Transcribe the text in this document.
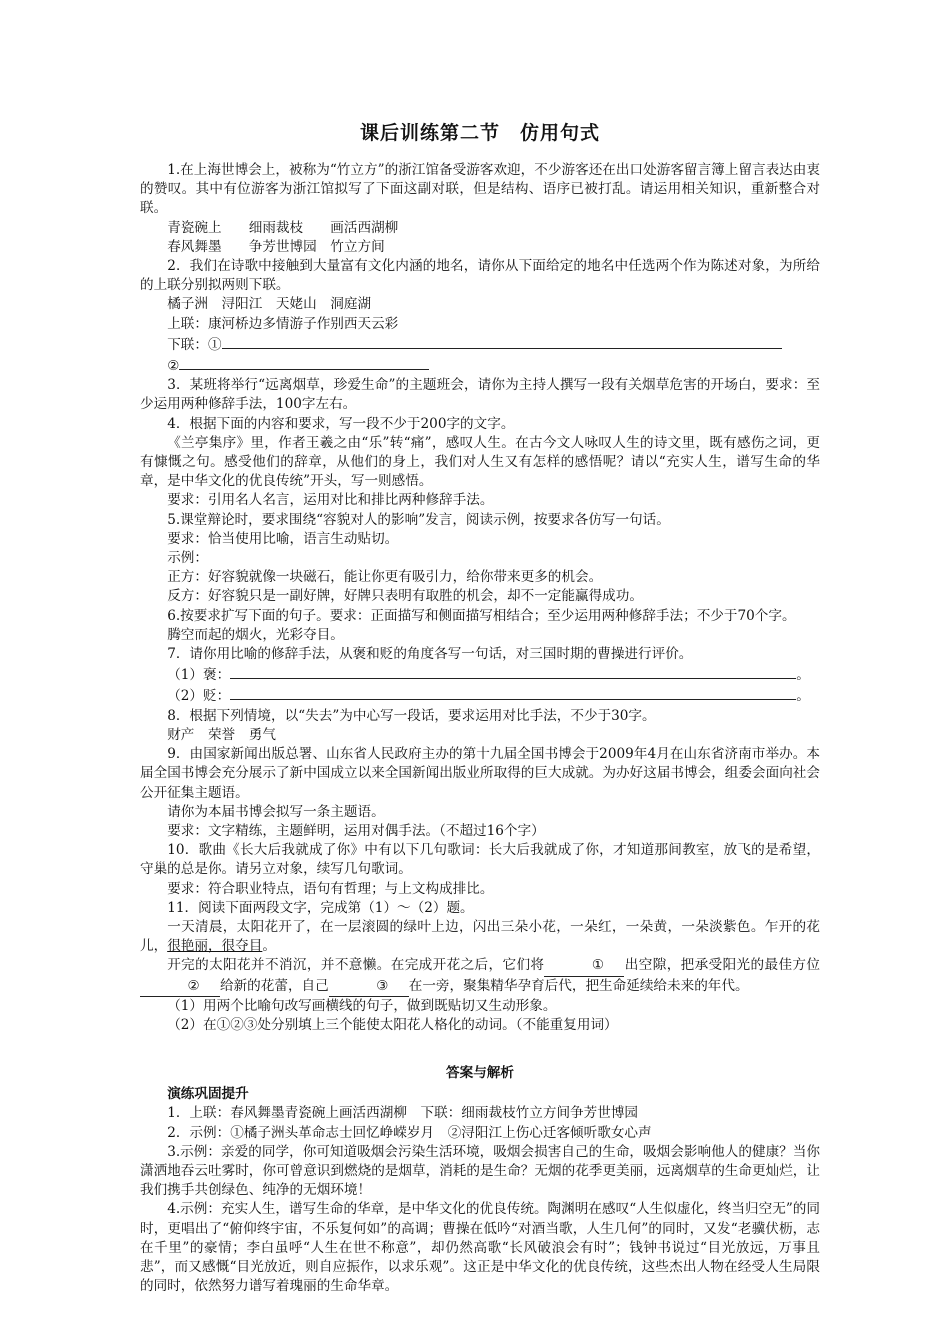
课后训练第二节　仿用句式

1.在上海世博会上，被称为“竹立方”的浙江馆备受游客欢迎，不少游客还在出口处游客留言簿上留言表达由衷的赞叹。其中有位游客为浙江馆拟写了下面这副对联，但是结构、语序已被打乱。请运用相关知识，重新整合对联。

青瓷碗上　　细雨裁枝　　画活西湖柳

春风舞墨　　争芳世博园　竹立方间

2．我们在诗歌中接触到大量富有文化内涵的地名，请你从下面给定的地名中任选两个作为陈述对象，为所给的上联分别拟两则下联。

橘子洲　浔阳江　天姥山　洞庭湖

上联：康河桥边多情游子作别西天云彩

下联：①

②

3．某班将举行“远离烟草，珍爱生命”的主题班会，请你为主持人撰写一段有关烟草危害的开场白，要求：至少运用两种修辞手法，100字左右。

4．根据下面的内容和要求，写一段不少于200字的文字。

《兰亭集序》里，作者王羲之由“乐”转“痛”，感叹人生。在古今文人咏叹人生的诗文里，既有感伤之词，更有慷慨之句。感受他们的辞章，从他们的身上，我们对人生又有怎样的感悟呢？请以“充实人生，谱写生命的华章，是中华文化的优良传统”开头，写一则感悟。

要求：引用名人名言，运用对比和排比两种修辞手法。

5.课堂辩论时，要求围绕“容貌对人的影响”发言，阅读示例，按要求各仿写一句话。

要求：恰当使用比喻，语言生动贴切。

示例：

正方：好容貌就像一块磁石，能让你更有吸引力，给你带来更多的机会。

反方：好容貌只是一副好牌，好牌只表明有取胜的机会，却不一定能赢得成功。

6.按要求扩写下面的句子。要求：正面描写和侧面描写相结合；至少运用两种修辞手法；不少于70个字。

腾空而起的烟火，光彩夺目。

7．请你用比喻的修辞手法，从褒和贬的角度各写一句话，对三国时期的曹操进行评价。

（1）褒：	。

（2）贬：	。

8．根据下列情境，以“失去”为中心写一段话，要求运用对比手法，不少于30字。

财产　荣誉　勇气

9．由国家新闻出版总署、山东省人民政府主办的第十九届全国书博会于2009年4月在山东省济南市举办。本届全国书博会充分展示了新中国成立以来全国新闻出版业所取得的巨大成就。为办好这届书博会，组委会面向社会公开征集主题语。

请你为本届书博会拟写一条主题语。

要求：文字精练，主题鲜明，运用对偶手法。（不超过16个字）

10．歌曲《长大后我就成了你》中有以下几句歌词：长大后我就成了你，才知道那间教室，放飞的是希望，守巢的总是你。请另立对象，续写几句歌词。

要求：符合职业特点，语句有哲理；与上文构成排比。

11．阅读下面两段文字，完成第（1）～（2）题。

一天清晨，太阳花开了，在一层滚圆的绿叶上边，闪出三朵小花，一朵红，一朵黄，一朵淡紫色。乍开的花儿，很艳丽，很夺目。

开完的太阳花并不消沉，并不意懒。在完成开花之后，它们将	① 出空隙，把承受阳光的最佳方位② 给新的花蕾，自己	③ 在一旁，聚集精华孕育后代，把生命延续给未来的年代。

（1）用两个比喻句改写画横线的句子，做到既贴切又生动形象。

（2）在①②③处分别填上三个能使太阳花人格化的动词。（不能重复用词）

答案与解析

演练巩固提升

1．上联：春风舞墨青瓷碗上画活西湖柳　下联：细雨裁枝竹立方间争芳世博园

2．示例：①橘子洲头革命志士回忆峥嵘岁月　②浔阳江上伤心迁客倾听歌女心声

3.示例：亲爱的同学，你可知道吸烟会污染生活环境，吸烟会损害自己的生命，吸烟会影响他人的健康？当你潇洒地吞云吐雾时，你可曾意识到燃烧的是烟草，消耗的是生命？无烟的花季更美丽，远离烟草的生命更灿烂，让我们携手共创绿色、纯净的无烟环境！

4.示例：充实人生，谱写生命的华章，是中华文化的优良传统。陶渊明在感叹“人生似虚化，终当归空无”的同时，更唱出了“俯仰终宇宙，不乐复何如”的高调；曹操在低吟“对酒当歌，人生几何”的同时，又发“老骥伏枥，志在千里”的豪情；李白虽呼“人生在世不称意”，却仍然高歌“长风破浪会有时”；钱钟书说过“目光放远，万事且悲”，而又感慨“目光放近，则自应振作，以求乐观”。这正是中华文化的优良传统，这些杰出人物在经受人生局限的同时，依然努力谱写着瑰丽的生命华章。
